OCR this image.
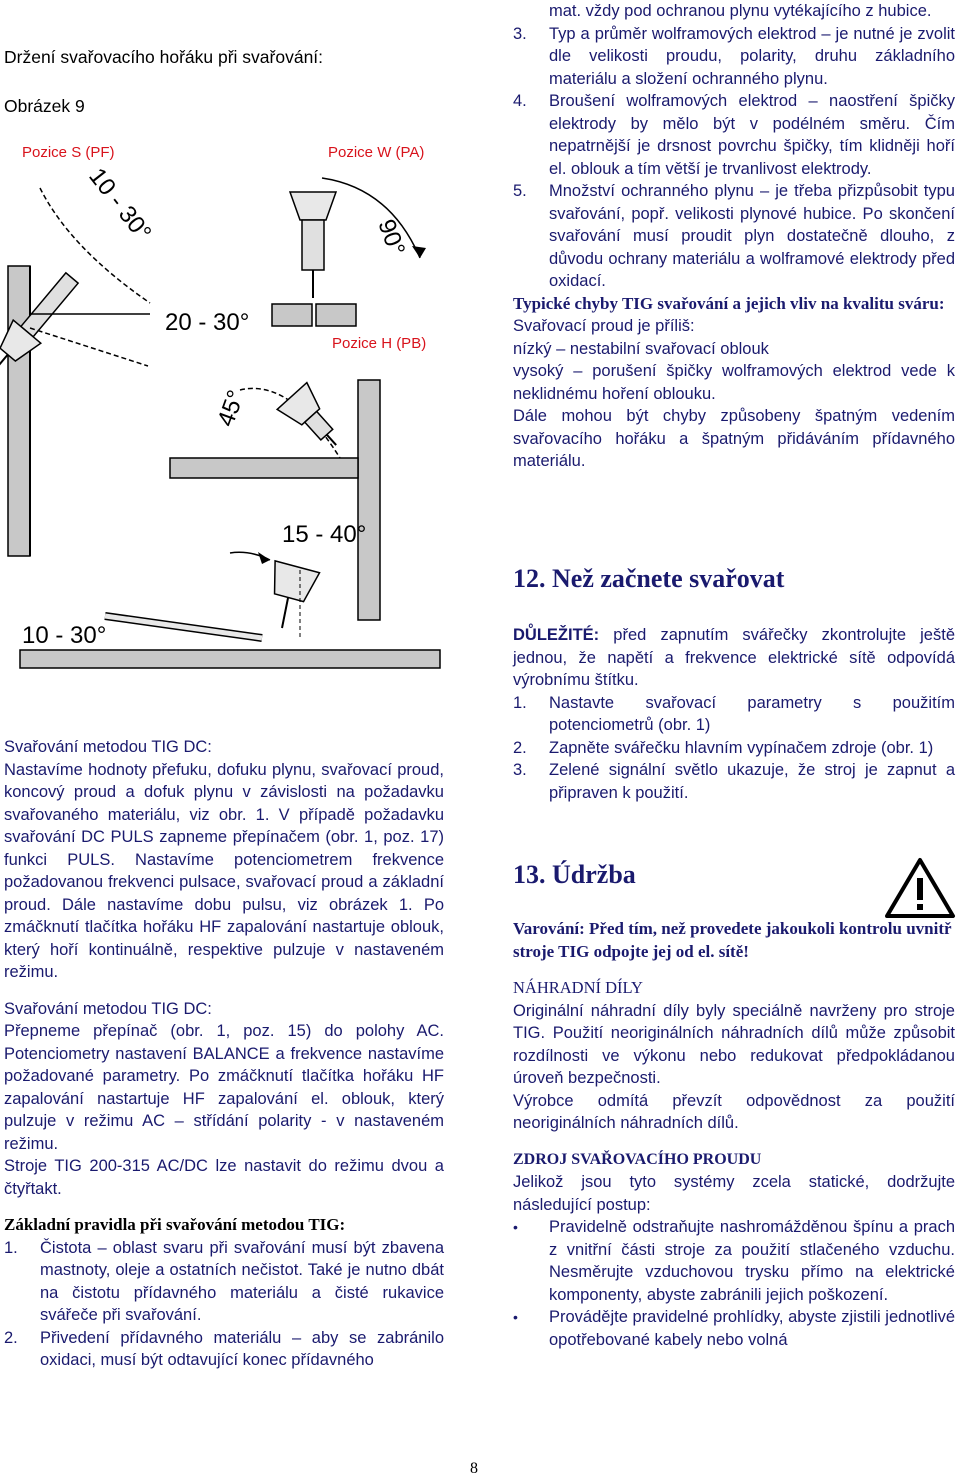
Držení svařovacího hořáku při svařování:
Obrázek 9
Pozice S (PF)
10 - 30°
20 - 30°
Pozice W (PA)
90°
Pozice H (PB)
45°
15 - 40°
10 - 30°
Svařování metodou TIG DC:
Nastavíme hodnoty přefuku, dofuku plynu, svařovací proud, koncový proud a dofuk plynu v závislosti na požadavku svařovaného materiálu, viz obr. 1. V případě požadavku svařování DC PULS zapneme přepínačem (obr. 1, poz. 17) funkci PULS. Nastavíme potenciometrem frekvence požadovanou frekvenci pulsace, svařovací proud a základní proud. Dále nastavíme dobu pulsu, viz obrázek 1. Po zmáčknutí tlačítka hořáku HF zapalování nastartuje oblouk, který hoří kontinuálně, respektive pulzuje v nastaveném režimu.
Svařování metodou TIG DC:
Přepneme přepínač (obr. 1, poz. 15) do polohy AC. Potenciometry nastavení BALANCE a frekvence nastavíme požadované parametry. Po zmáčknutí tlačítka hořáku HF zapalování nastartuje HF zapalování el. oblouk, který pulzuje v režimu AC – střídání polarity - v nastaveném režimu.
Stroje TIG 200-315 AC/DC lze nastavit do režimu dvou a čtyřtakt.
Základní pravidla při svařování metodou TIG:
1.	Čistota – oblast svaru při svařování musí být zbavena mastnoty, oleje a ostatních nečistot. Také je nutno dbát na čistotu přídavného materiálu a čisté rukavice svářeče při svařování.
2.	Přivedení přídavného materiálu – aby se zabránilo oxidaci, musí být odtavující konec přídavného
mat. vždy pod ochranou plynu vytékajícího z hubice.
3.	Typ a průměr wolframových elektrod – je nutné je zvolit dle velikosti proudu, polarity, druhu základního materiálu a složení ochranného plynu.
4.	Broušení wolframových elektrod – naostření špičky elektrody by mělo být v podélném směru. Čím nepatrnější je drsnost povrchu špičky, tím klidněji hoří el. oblouk a tím větší je trvanlivost elektrody.
5.	Množství ochranného plynu – je třeba přizpůsobit typu svařování, popř. velikosti plynové hubice. Po skončení svařování musí proudit plyn dostatečně dlouho, z důvodu ochrany materiálu a wolframové elektrody před oxidací.
Typické chyby TIG svařování a jejich vliv na kvalitu sváru:
Svařovací proud je příliš:
nízký – nestabilní svařovací oblouk
vysoký – porušení špičky wolframových elektrod vede k neklidnému hoření oblouku.
Dále mohou být chyby způsobeny špatným vedením svařovacího hořáku a špatným přidáváním přídavného materiálu.
12. Než začnete svařovat
DŮLEŽITÉ: před zapnutím svářečky zkontrolujte ještě jednou, že napětí a frekvence elektrické sítě odpovídá výrobnímu štítku.
1.	Nastavte svařovací parametry s použitím potenciometrů (obr. 1)
2.	Zapněte svářečku hlavním vypínačem zdroje (obr. 1)
3.	Zelené signální světlo ukazuje, že stroj je zapnut a připraven k použití.
13. Údržba
Varování: Před tím, než provedete jakoukoli kontrolu uvnitř stroje TIG odpojte jej od el. sítě!
NÁHRADNÍ DÍLY
Originální náhradní díly byly speciálně navrženy pro stroje TIG. Použití neoriginálních náhradních dílů může způsobit rozdílnosti ve výkonu nebo redukovat předpokládanou úroveň bezpečnosti.
Výrobce odmítá převzít odpovědnost za použití neoriginálních náhradních dílů.
ZDROJ SVAŘOVACÍHO PROUDU
Jelikož jsou tyto systémy zcela statické, dodržujte následující postup:
•	Pravidelně odstraňujte nashromážděnou špínu a prach z vnitřní části stroje za použití stlačeného vzduchu. Nesměrujte vzduchovou trysku přímo na elektrické komponenty, abyste zabránili jejich poškození.
•	Provádějte pravidelné prohlídky, abyste zjistili jednotlivé opotřebované kabely nebo volná
8
